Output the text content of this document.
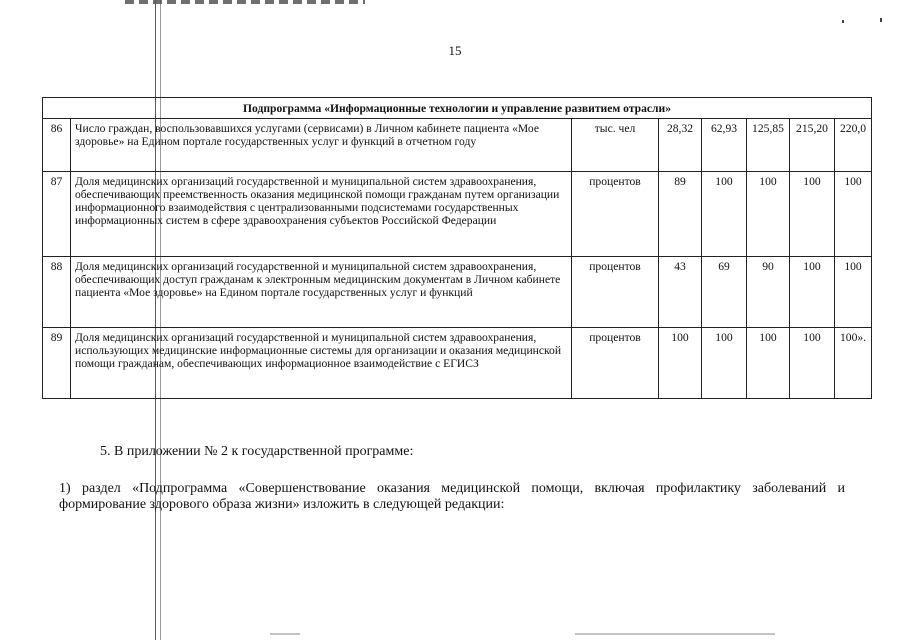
15
Подпрограмма «Информационные технологии и управление развитием отрасли»							
86	Число граждан, воспользовавшихся услугами (сервисами) в Личном кабинете пациента «Мое здоровье» на Едином портале государственных услуг и функций в отчетном году	тыс. чел	28,32	62,93	125,85	215,20	220,0
87	Доля медицинских организаций государственной и муниципальной систем здравоохранения, обеспечивающих преемственность оказания медицинской помощи гражданам путем организации информационного взаимодействия с централизованными подсистемами государственных информационных систем в сфере здравоохранения субъектов Российской Федерации	процентов	89	100	100	100	100
88	Доля медицинских организаций государственной и муниципальной систем здравоохранения, обеспечивающих доступ гражданам к электронным медицинским документам в Личном кабинете пациента «Мое здоровье» на Едином портале государственных услуг и функций	процентов	43	69	90	100	100
89	Доля медицинских организаций государственной и муниципальной систем здравоохранения, использующих медицинские информационные системы для организации и оказания медицинской помощи гражданам, обеспечивающих информационное взаимодействие с ЕГИСЗ	процентов	100	100	100	100	100».
5. В приложении № 2 к государственной программе:
1) раздел «Подпрограмма «Совершенствование оказания медицинской помощи, включая профилактику заболеваний и формирование здорового образа жизни» изложить в следующей редакции:
